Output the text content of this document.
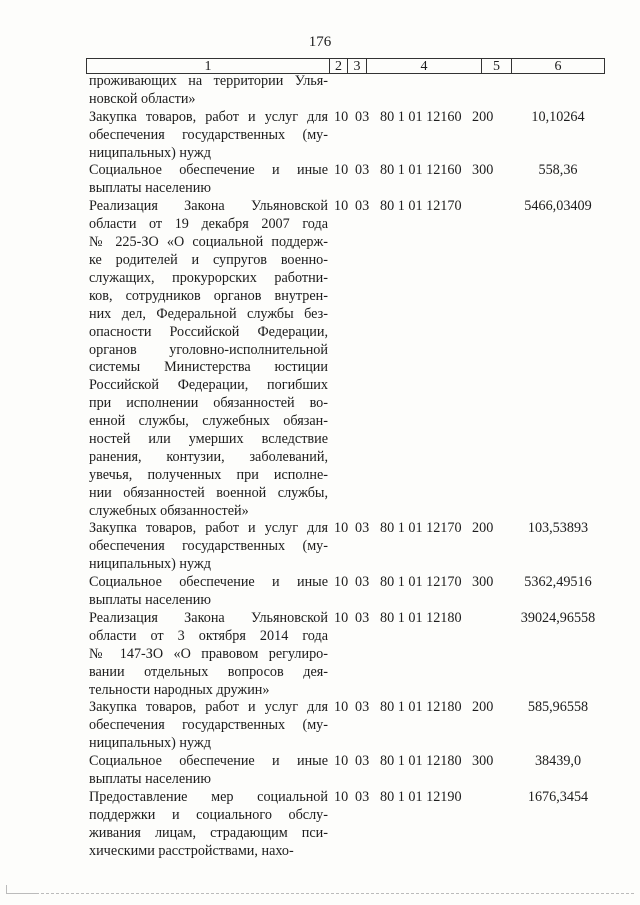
176
1	2	3	4	5	6
проживающих на территории Улья-
новской области»
Закупка товаров, работ и услуг для
обеспечения государственных (му-
ниципальных) нужд
10 03 80 1 01 12160 200	10,10264
Социальное обеспечение и иные
выплаты населению
10 03 80 1 01 12160 300	558,36
Реализация Закона Ульяновской
области от 19 декабря 2007 года
№ 225-ЗО «О социальной поддерж-
ке родителей и супругов военно-
служащих, прокурорских работни-
ков, сотрудников органов внутрен-
них дел, Федеральной службы без-
опасности Российской Федерации,
органов уголовно-исполнительной
системы Министерства юстиции
Российской Федерации, погибших
при исполнении обязанностей во-
енной службы, служебных обязан-
ностей или умерших вследствие
ранения, контузии, заболеваний,
увечья, полученных при исполне-
нии обязанностей военной службы,
служебных обязанностей»
10 03 80 1 01 12170	5466,03409
Закупка товаров, работ и услуг для
обеспечения государственных (му-
ниципальных) нужд
10 03 80 1 01 12170 200	103,53893
Социальное обеспечение и иные
выплаты населению
10 03 80 1 01 12170 300	5362,49516
Реализация Закона Ульяновской
области от 3 октября 2014 года
№ 147-ЗО «О правовом регулиро-
вании отдельных вопросов дея-
тельности народных дружин»
10 03 80 1 01 12180	39024,96558
Закупка товаров, работ и услуг для
обеспечения государственных (му-
ниципальных) нужд
10 03 80 1 01 12180 200	585,96558
Социальное обеспечение и иные
выплаты населению
10 03 80 1 01 12180 300	38439,0
Предоставление мер социальной
поддержки и социального обслу-
живания лицам, страдающим пси-
хическими расстройствами, нахо-
10 03 80 1 01 12190	1676,3454
